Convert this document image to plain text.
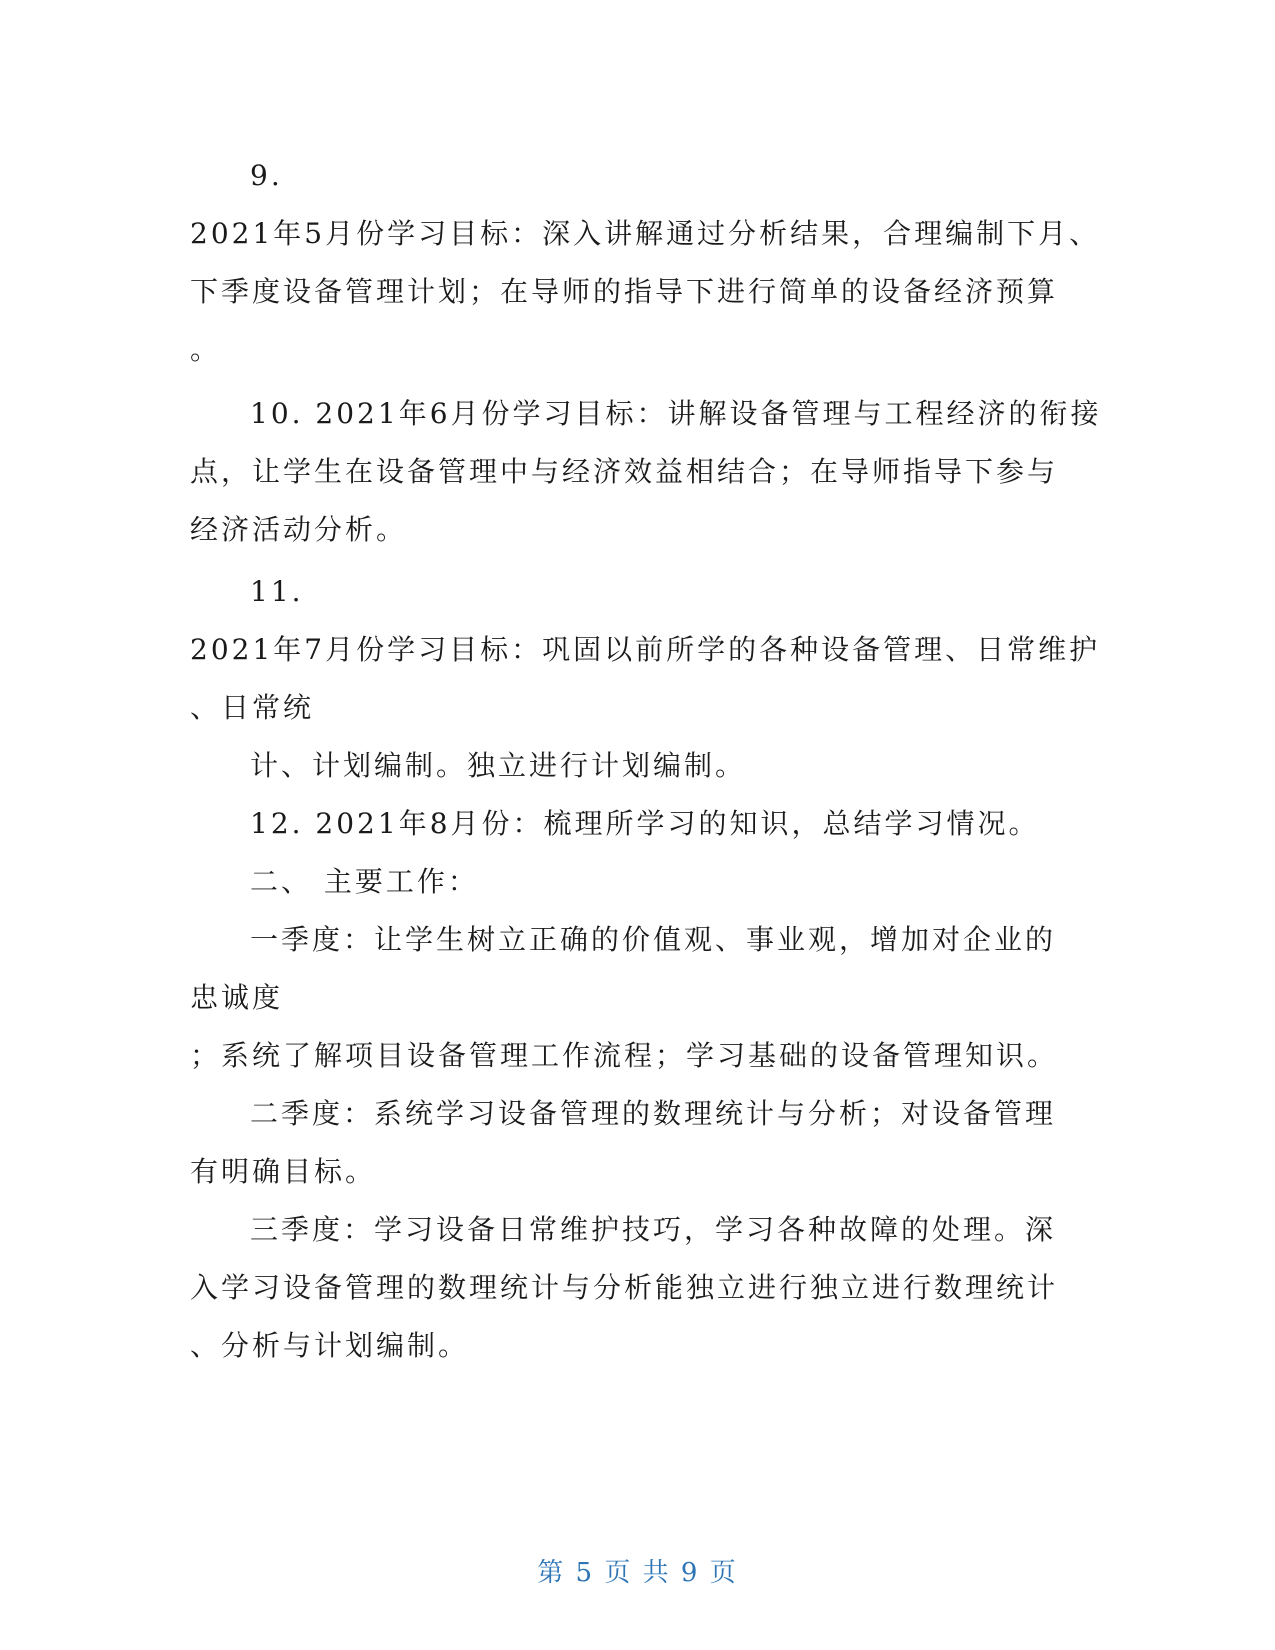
9.
2021年5月份学习目标：深入讲解通过分析结果，合理编制下月、
下季度设备管理计划；在导师的指导下进行简单的设备经济预算
。
10. 2021年6月份学习目标：讲解设备管理与工程经济的衔接
点，让学生在设备管理中与经济效益相结合；在导师指导下参与
经济活动分析。
11.
2021年7月份学习目标：巩固以前所学的各种设备管理、日常维护
、日常统
计、计划编制。独立进行计划编制。
12. 2021年8月份：梳理所学习的知识，总结学习情况。
二、 主要工作：
一季度：让学生树立正确的价值观、事业观，增加对企业的
忠诚度
；系统了解项目设备管理工作流程；学习基础的设备管理知识。
二季度：系统学习设备管理的数理统计与分析；对设备管理
有明确目标。
三季度：学习设备日常维护技巧，学习各种故障的处理。深
入学习设备管理的数理统计与分析能独立进行独立进行数理统计
、分析与计划编制。
第 5 页 共 9 页
